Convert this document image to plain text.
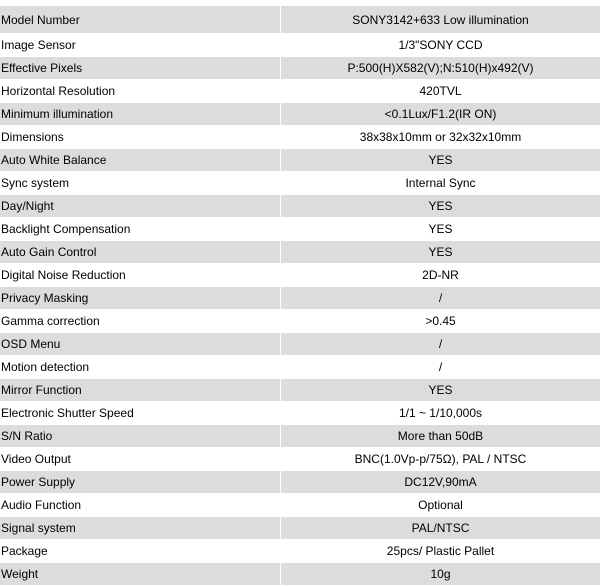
Model Number	SONY3142+633 Low illumination
Image Sensor	1/3"SONY CCD
Effective Pixels	P:500(H)X582(V);N:510(H)x492(V)
Horizontal Resolution	420TVL
Minimum illumination	<0.1Lux/F1.2(IR ON)
Dimensions	38x38x10mm or 32x32x10mm
Auto White Balance	YES
Sync system	Internal Sync
Day/Night	YES
Backlight Compensation	YES
Auto Gain Control	YES
Digital Noise Reduction	2D-NR
Privacy Masking	/
Gamma correction	>0.45
OSD Menu	/
Motion detection	/
Mirror Function	YES
Electronic Shutter Speed	1/1 ~ 1/10,000s
S/N Ratio	More than 50dB
Video Output	BNC(1.0Vp-p/75Ω), PAL / NTSC
Power Supply	DC12V,90mA
Audio Function	Optional
Signal system	PAL/NTSC
Package	25pcs/ Plastic Pallet
Weight	10g
